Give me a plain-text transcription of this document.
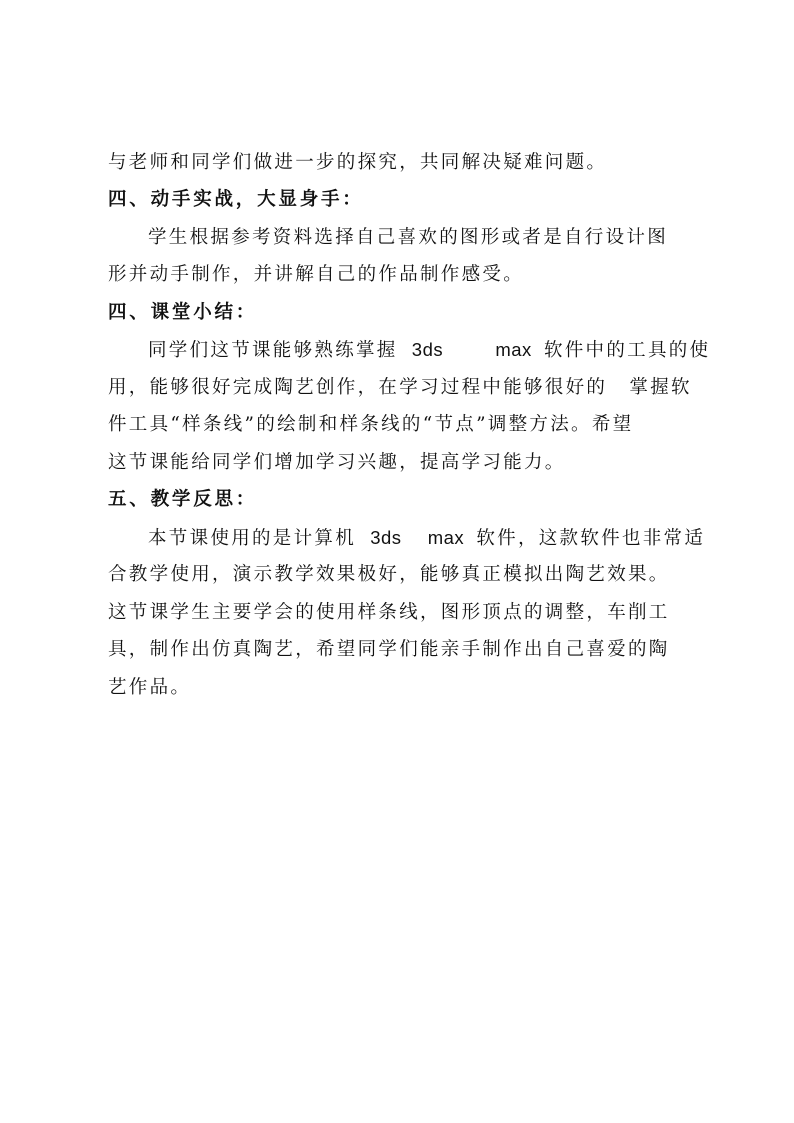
与老师和同学们做进一步的探究，共同解决疑难问题。
四、动手实战，大显身手：
学生根据参考资料选择自己喜欢的图形或者是自行设计图
形并动手制作，并讲解自己的作品制作感受。
四、课堂小结：
同学们这节课能够熟练掌握 3ds	max 软件中的工具的使
用，能够很好完成陶艺创作，在学习过程中能够很好的 掌握软
件工具“样条线”的绘制和样条线的“节点”调整方法。希望
这节课能给同学们增加学习兴趣，提高学习能力。
五、教学反思：
本节课使用的是计算机 3ds max 软件，这款软件也非常适
合教学使用，演示教学效果极好，能够真正模拟出陶艺效果。
这节课学生主要学会的使用样条线，图形顶点的调整，车削工
具，制作出仿真陶艺，希望同学们能亲手制作出自己喜爱的陶
艺作品。
